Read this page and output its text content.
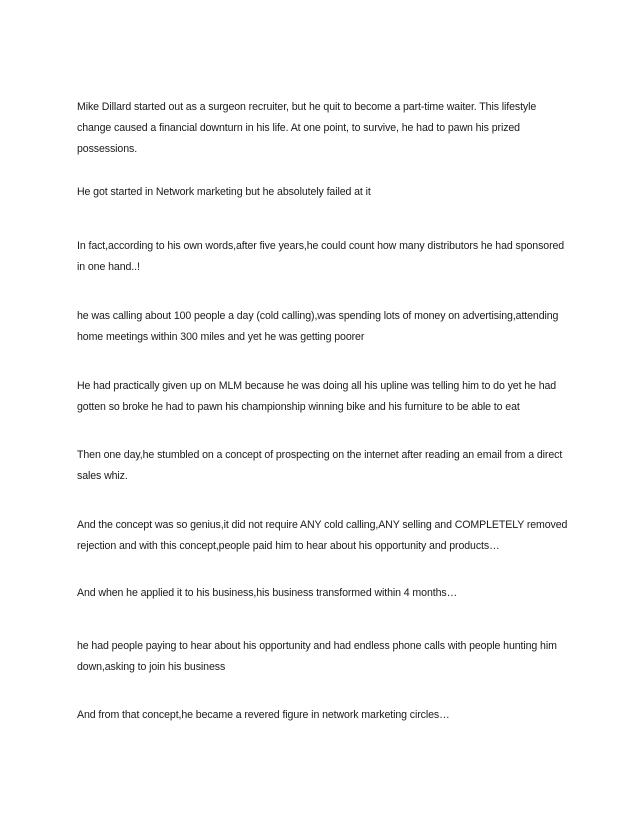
Mike Dillard started out as a surgeon recruiter, but he quit to become a part-time waiter. This lifestyle change caused a financial downturn in his life. At one point, to survive, he had to pawn his prized possessions.

He got started in Network marketing but he absolutely failed at it

In fact,according to his own words,after five years,he could count how many distributors he had sponsored in one hand..!

he was calling about 100 people a day (cold calling),was spending lots of money on advertising,attending home meetings within 300 miles and yet he was getting poorer

He had practically given up on MLM because he was doing all his upline was telling him to do yet he had gotten so broke he had to pawn his championship winning bike and his furniture to be able to eat

Then one day,he stumbled on a concept of prospecting on the internet after reading an email from a direct sales whiz.

And the concept was so genius,it did not require ANY cold calling,ANY selling and COMPLETELY removed rejection and with this concept,people paid him to hear about his opportunity and products…

And when he applied it to his business,his business transformed within 4 months…

he had people paying to hear about his opportunity and had endless phone calls with people hunting him down,asking to join his business

And from that concept,he became a revered figure in network marketing circles…
